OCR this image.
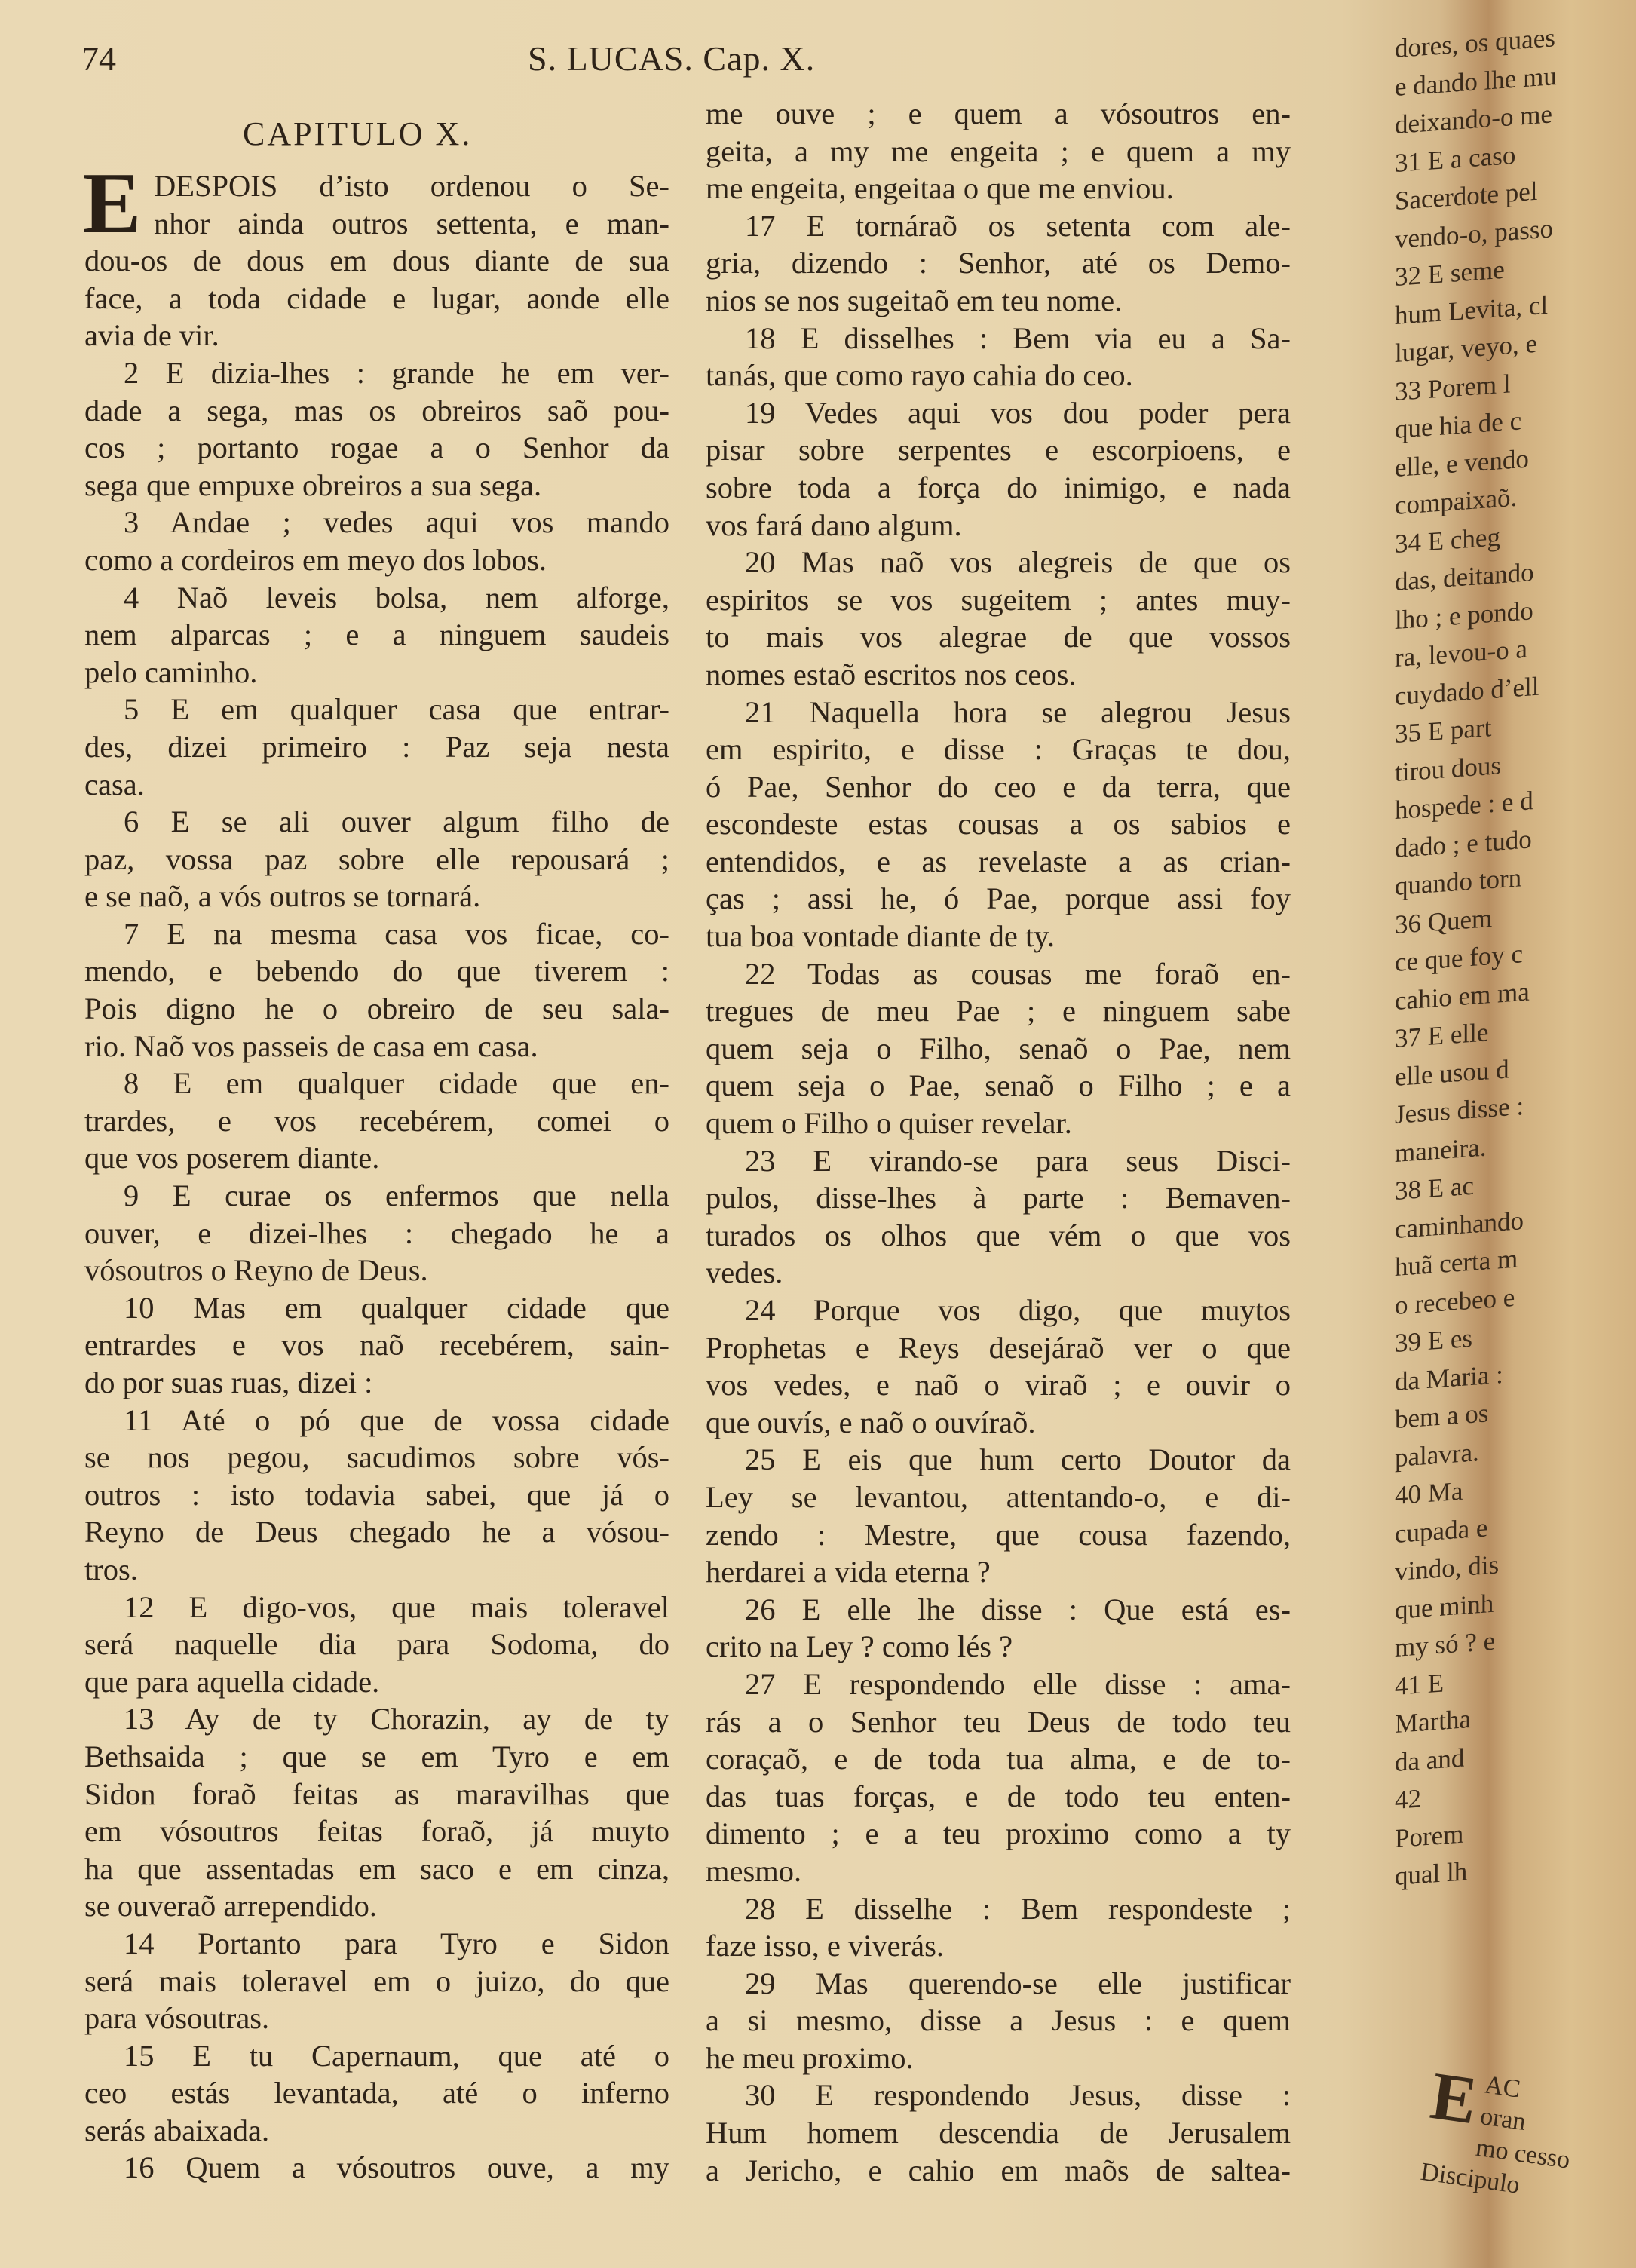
74	S. LUCAS. Cap. X.
CAPITULO X.
E DESPOIS d’isto ordenou o Se-
nhor ainda outros settenta, e man-
dou-os de dous em dous diante de sua
face, a toda cidade e lugar, aonde elle
avia de vir.
2 E dizia-lhes : grande he em ver-
dade a sega, mas os obreiros saõ pou-
cos ; portanto rogae a o Senhor da
sega que empuxe obreiros a sua sega.
3 Andae ; vedes aqui vos mando
como a cordeiros em meyo dos lobos.
4 Naõ leveis bolsa, nem alforge,
nem alparcas ; e a ninguem saudeis
pelo caminho.
5 E em qualquer casa que entrar-
des, dizei primeiro : Paz seja nesta
casa.
6 E se ali ouver algum filho de
paz, vossa paz sobre elle repousará ;
e se naõ, a vós outros se tornará.
7 E na mesma casa vos ficae, co-
mendo, e bebendo do que tiverem :
Pois digno he o obreiro de seu sala-
rio. Naõ vos passeis de casa em casa.
8 E em qualquer cidade que en-
trardes, e vos recebérem, comei o
que vos poserem diante.
9 E curae os enfermos que nella
ouver, e dizei-lhes : chegado he a
vósoutros o Reyno de Deus.
10 Mas em qualquer cidade que
entrardes e vos naõ recebérem, sain-
do por suas ruas, dizei :
11 Até o pó que de vossa cidade
se nos pegou, sacudimos sobre vós-
outros : isto todavia sabei, que já o
Reyno de Deus chegado he a vósou-
tros.
12 E digo-vos, que mais toleravel
será naquelle dia para Sodoma, do
que para aquella cidade.
13 Ay de ty Chorazin, ay de ty
Bethsaida ; que se em Tyro e em
Sidon foraõ feitas as maravilhas que
em vósoutros feitas foraõ, já muyto
ha que assentadas em saco e em cinza,
se ouveraõ arrependido.
14 Portanto para Tyro e Sidon
será mais toleravel em o juizo, do que
para vósoutras.
15 E tu Capernaum, que até o
ceo estás levantada, até o inferno
serás abaixada.
16 Quem a vósoutros ouve, a my
me ouve ; e quem a vósoutros en-
geita, a my me engeita ; e quem a my
me engeita, engeitaa o que me enviou.
17 E tornáraõ os setenta com ale-
gria, dizendo : Senhor, até os Demo-
nios se nos sugeitaõ em teu nome.
18 E disselhes : Bem via eu a Sa-
tanás, que como rayo cahia do ceo.
19 Vedes aqui vos dou poder pera
pisar sobre serpentes e escorpioens, e
sobre toda a força do inimigo, e nada
vos fará dano algum.
20 Mas naõ vos alegreis de que os
espiritos se vos sugeitem ; antes muy-
to mais vos alegrae de que vossos
nomes estaõ escritos nos ceos.
21 Naquella hora se alegrou Jesus
em espirito, e disse : Graças te dou,
ó Pae, Senhor do ceo e da terra, que
escondeste estas cousas a os sabios e
entendidos, e as revelaste a as crian-
ças ; assi he, ó Pae, porque assi foy
tua boa vontade diante de ty.
22 Todas as cousas me foraõ en-
tregues de meu Pae ; e ninguem sabe
quem seja o Filho, senaõ o Pae, nem
quem seja o Pae, senaõ o Filho ; e a
quem o Filho o quiser revelar.
23 E virando-se para seus Disci-
pulos, disse-lhes à parte : Bemaven-
turados os olhos que vém o que vos
vedes.
24 Porque vos digo, que muytos
Prophetas e Reys desejáraõ ver o que
vos vedes, e naõ o viraõ ; e ouvir o
que ouvís, e naõ o ouvíraõ.
25 E eis que hum certo Doutor da
Ley se levantou, attentando-o, e di-
zendo : Mestre, que cousa fazendo,
herdarei a vida eterna ?
26 E elle lhe disse : Que está es-
crito na Ley ? como lés ?
27 E respondendo elle disse : ama-
rás a o Senhor teu Deus de todo teu
coraçaõ, e de toda tua alma, e de to-
das tuas forças, e de todo teu enten-
dimento ; e a teu proximo como a ty
mesmo.
28 E disselhe : Bem respondeste ;
faze isso, e viverás.
29 Mas querendo-se elle justificar
a si mesmo, disse a Jesus : e quem
he meu proximo.
30 E respondendo Jesus, disse :
Hum homem descendia de Jerusalem
a Jericho, e cahio em maõs de saltea-
dores, os quaes
e dando lhe mu
deixando-o me
31 E a caso
Sacerdote pel
vendo-o, passo
32 E seme
hum Levita, cl
lugar, veyo, e
33 Porem l
que hia de c
elle, e vendo
compaixaõ.
34 E cheg
das, deitando
lho ; e pondo
ra, levou-o a
cuydado d’ell
35 E part
tirou dous
hospede : e d
dado ; e tudo
quando torn
36 Quem
ce que foy c
cahio em ma
37 E elle
elle usou d
Jesus disse :
maneira.
38 E ac
caminhando
huã certa m
o recebeo e
39 E es
da Maria :
bem a os
palavra.
40 Ma
cupada e
vindo, dis
que minh
my só ? e
41 E
Martha
da and
42
Porem
qual lh
E AC
oran
mo cesso
Discipulo
